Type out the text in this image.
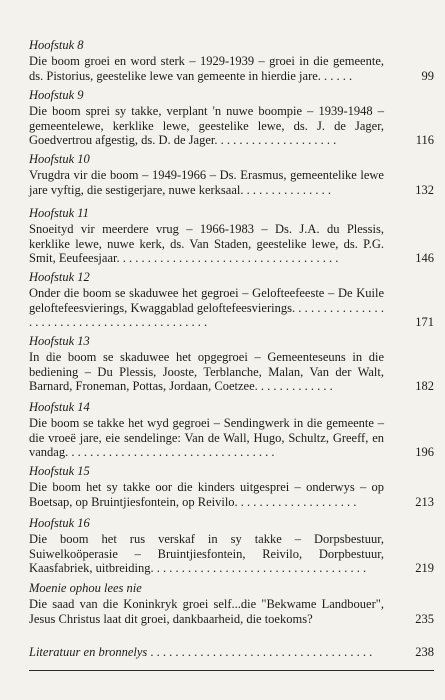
Hoofstuk 8

Die boom groei en word sterk – 1929-1939 – groei in die gemeente, ds. Pistorius, geestelike lewe van gemeente in hierdie jare. . . . . .	99
Hoofstuk 9

Die boom sprei sy takke, verplant 'n nuwe boompie – 1939-1948 – gemeentelewe, kerklike lewe, geestelike lewe, ds. J. de Jager, Goedvertrou afgestig, ds. D. de Jager. . . . . . . . . . . . . . . . . . . .	116
Hoofstuk 10

Vrugdra vir die boom – 1949-1966 – Ds. Erasmus, gemeentelike lewe jare vyftig, die sestigerjare, nuwe kerksaal. . . . . . . . . . . . . . .	132
Hoofstuk 11

Snoeityd vir meerdere vrug – 1966-1983 – Ds. J.A. du Plessis, kerklike lewe, nuwe kerk, ds. Van Staden, geestelike lewe, ds. P.G. Smit, Eeufeesjaar. . . . . . . . . . . . . . . . . . . . . . . . . . . . . . . . . . . .	146
Hoofstuk 12

Onder die boom se skaduwee het gegroei – Gelofteefeeste – De Kuile geloftefeesvierings, Kwaggablad geloftefeesvierings. . . . . . . . . . . . . . . . . . . . . . . . . . . . . . . . . . . . . . . . . . . .	171
Hoofstuk 13

In die boom se skaduwee het opgegroei – Gemeenteseuns in die bediening – Du Plessis, Jooste, Terblanche, Malan, Van der Walt, Barnard, Froneman, Pottas, Jordaan, Coetzee. . . . . . . . . . . . .	182
Hoofstuk 14

Die boom se takke het wyd gegroei – Sendingwerk in die gemeente – die vroeë jare, eie sendelinge: Van de Wall, Hugo, Schultz, Greeff, en vandag. . . . . . . . . . . . . . . . . . . . . . . . . . . . . . . . . .	196
Hoofstuk 15

Die boom het sy takke oor die kinders uitgesprei – onderwys – op Boetsap, op Bruintjiesfontein, op Reivilo. . . . . . . . . . . . . . . . . . . .	213
Hoofstuk 16

Die boom het rus verskaf in sy takke – Dorpsbestuur, Suiwelkoöperasie – Bruintjiesfontein, Reivilo, Dorpbestuur, Kaasfabriek, uitbreiding. . . . . . . . . . . . . . . . . . . . . . . . . . . . . . . . . . .	219
Moenie ophou lees nie

Die saad van die Koninkryk groei self...die "Bekwame Landbouer", Jesus Christus laat dit groei, dankbaarheid, die toekoms?	235

Literatuur en bronnelys . . . . . . . . . . . . . . . . . . . . . . . . . . . . . . . . . . . .	238
